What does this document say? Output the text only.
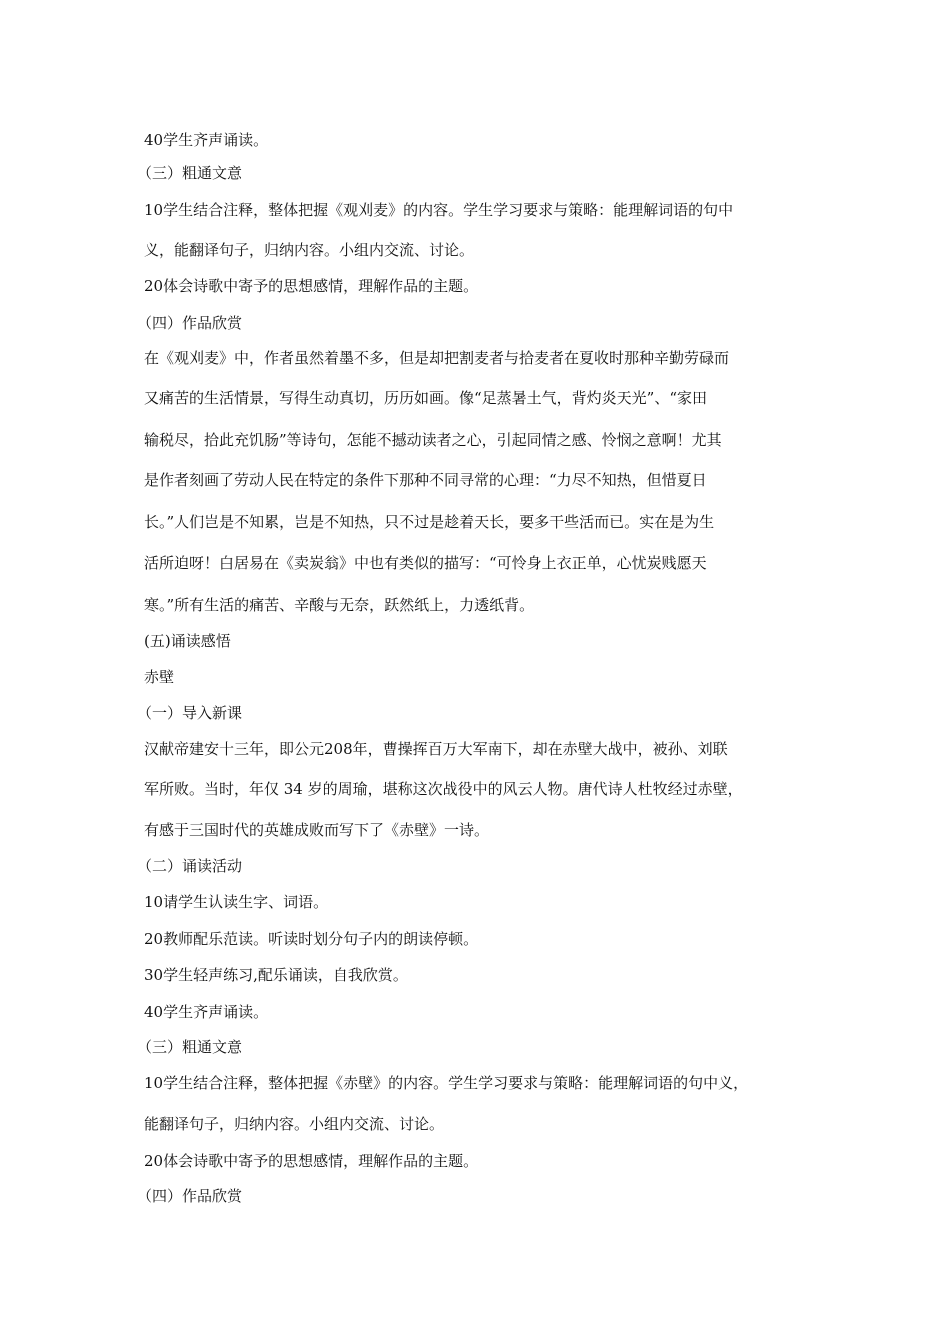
40学生齐声诵读。
（三）粗通文意
10学生结合注释，整体把握《观刈麦》的内容。学生学习要求与策略：能理解词语的句中
义，能翻译句子，归纳内容。小组内交流、讨论。
20体会诗歌中寄予的思想感情，理解作品的主题。
（四）作品欣赏
在《观刈麦》中，作者虽然着墨不多，但是却把割麦者与拾麦者在夏收时那种辛勤劳碌而
又痛苦的生活情景，写得生动真切，历历如画。像“足蒸暑土气，背灼炎天光”、“家田
输税尽，拾此充饥肠”等诗句，怎能不撼动读者之心，引起同情之感、怜悯之意啊！尤其
是作者刻画了劳动人民在特定的条件下那种不同寻常的心理：“力尽不知热，但惜夏日
长。”人们岂是不知累，岂是不知热，只不过是趁着天长，要多干些活而已。实在是为生
活所迫呀！白居易在《卖炭翁》中也有类似的描写：“可怜身上衣正单，心忧炭贱愿天
寒。”所有生活的痛苦、辛酸与无奈，跃然纸上，力透纸背。
(五)诵读感悟
赤壁
（一）导入新课
汉献帝建安十三年，即公元208年，曹操挥百万大军南下，却在赤壁大战中，被孙、刘联
军所败。当时，年仅 34 岁的周瑜，堪称这次战役中的风云人物。唐代诗人杜牧经过赤壁，
有感于三国时代的英雄成败而写下了《赤壁》一诗。
（二）诵读活动
10请学生认读生字、词语。
20教师配乐范读。听读时划分句子内的朗读停顿。
30学生轻声练习,配乐诵读，自我欣赏。
40学生齐声诵读。
（三）粗通文意
10学生结合注释，整体把握《赤壁》的内容。学生学习要求与策略：能理解词语的句中义，
能翻译句子，归纳内容。小组内交流、讨论。
20体会诗歌中寄予的思想感情，理解作品的主题。
（四）作品欣赏
